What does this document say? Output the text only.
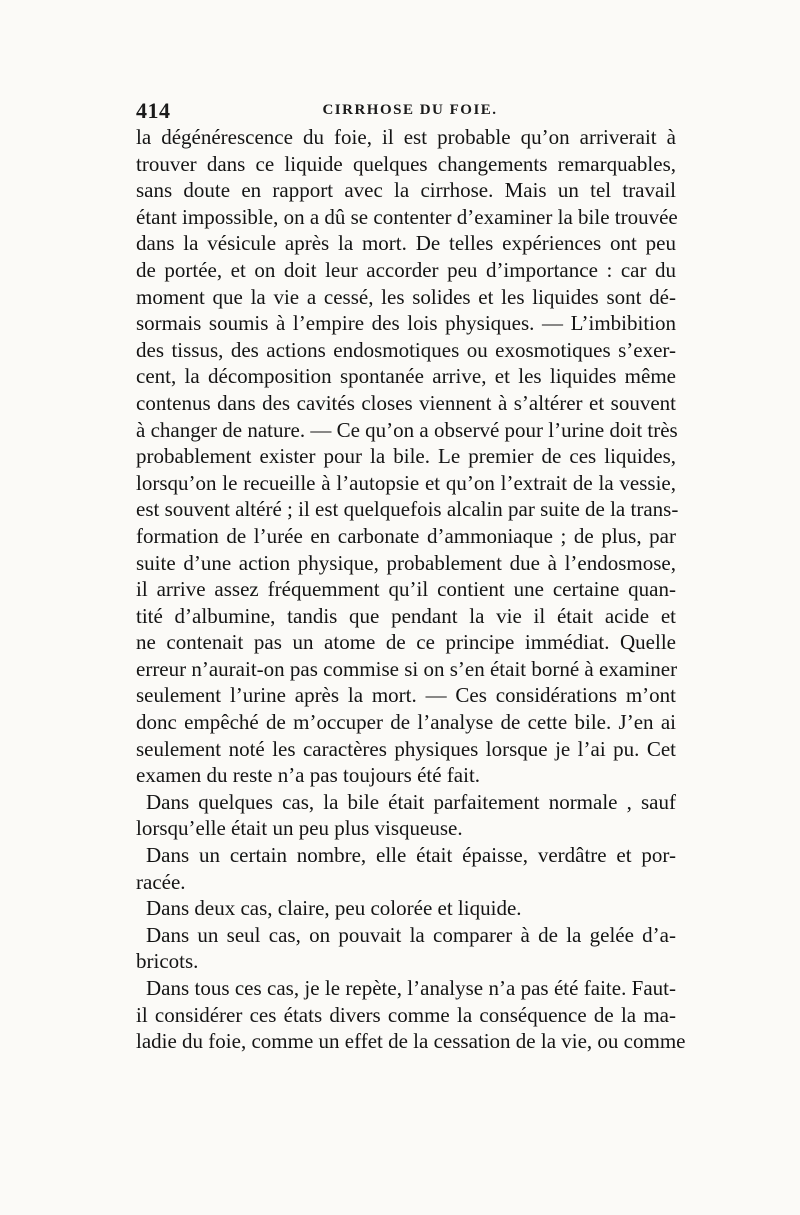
414	CIRRHOSE DU FOIE.
la dégénérescence du foie, il est probable qu’on arriverait à
trouver dans ce liquide quelques changements remarquables,
sans doute en rapport avec la cirrhose. Mais un tel travail
étant impossible, on a dû se contenter d’examiner la bile trouvée
dans la vésicule après la mort. De telles expériences ont peu
de portée, et on doit leur accorder peu d’importance : car du
moment que la vie a cessé, les solides et les liquides sont dé-
sormais soumis à l’empire des lois physiques. — L’imbibition
des tissus, des actions endosmotiques ou exosmotiques s’exer-
cent, la décomposition spontanée arrive, et les liquides même
contenus dans des cavités closes viennent à s’altérer et souvent
à changer de nature. — Ce qu’on a observé pour l’urine doit très
probablement exister pour la bile. Le premier de ces liquides,
lorsqu’on le recueille à l’autopsie et qu’on l’extrait de la vessie,
est souvent altéré ; il est quelquefois alcalin par suite de la trans-
formation de l’urée en carbonate d’ammoniaque ; de plus, par
suite d’une action physique, probablement due à l’endosmose,
il arrive assez fréquemment qu’il contient une certaine quan-
tité d’albumine, tandis que pendant la vie il était acide et
ne contenait pas un atome de ce principe immédiat. Quelle
erreur n’aurait-on pas commise si on s’en était borné à examiner
seulement l’urine après la mort. — Ces considérations m’ont
donc empêché de m’occuper de l’analyse de cette bile. J’en ai
seulement noté les caractères physiques lorsque je l’ai pu. Cet
examen du reste n’a pas toujours été fait.
Dans quelques cas, la bile était parfaitement normale , sauf
lorsqu’elle était un peu plus visqueuse.
Dans un certain nombre, elle était épaisse, verdâtre et por-
racée.
Dans deux cas, claire, peu colorée et liquide.
Dans un seul cas, on pouvait la comparer à de la gelée d’a-
bricots.
Dans tous ces cas, je le repète, l’analyse n’a pas été faite. Faut-
il considérer ces états divers comme la conséquence de la ma-
ladie du foie, comme un effet de la cessation de la vie, ou comme
